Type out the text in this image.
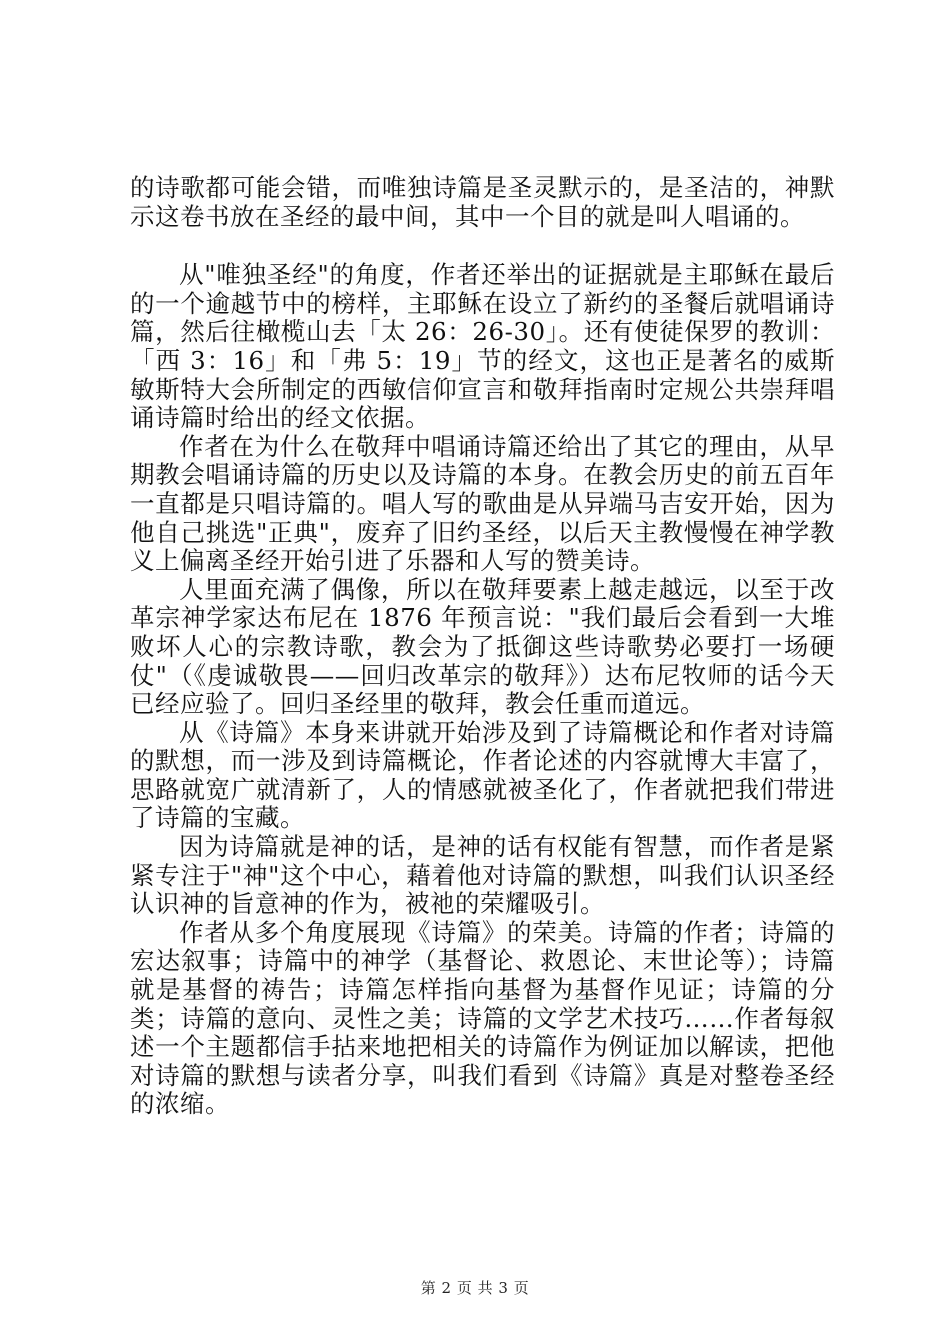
的诗歌都可能会错，而唯独诗篇是圣灵默示的，是圣洁的，神默示这卷书放在圣经的最中间，其中一个目的就是叫人唱诵的。

从"唯独圣经"的角度，作者还举出的证据就是主耶稣在最后的一个逾越节中的榜样，主耶稣在设立了新约的圣餐后就唱诵诗篇，然后往橄榄山去「太 26：26-30」。还有使徒保罗的教训：「西 3：16」和「弗 5：19」节的经文，这也正是著名的威斯敏斯特大会所制定的西敏信仰宣言和敬拜指南时定规公共崇拜唱诵诗篇时给出的经文依据。

作者在为什么在敬拜中唱诵诗篇还给出了其它的理由，从早期教会唱诵诗篇的历史以及诗篇的本身。在教会历史的前五百年一直都是只唱诗篇的。唱人写的歌曲是从异端马吉安开始，因为他自己挑选"正典"，废弃了旧约圣经，以后天主教慢慢在神学教义上偏离圣经开始引进了乐器和人写的赞美诗。

人里面充满了偶像，所以在敬拜要素上越走越远，以至于改革宗神学家达布尼在 1876 年预言说："我们最后会看到一大堆败坏人心的宗教诗歌，教会为了抵御这些诗歌势必要打一场硬仗"（《虔诚敬畏——回归改革宗的敬拜》）达布尼牧师的话今天已经应验了。回归圣经里的敬拜，教会任重而道远。

从《诗篇》本身来讲就开始涉及到了诗篇概论和作者对诗篇的默想，而一涉及到诗篇概论，作者论述的内容就博大丰富了，思路就宽广就清新了，人的情感就被圣化了，作者就把我们带进了诗篇的宝藏。

因为诗篇就是神的话，是神的话有权能有智慧，而作者是紧紧专注于"神"这个中心，藉着他对诗篇的默想，叫我们认识圣经认识神的旨意神的作为，被祂的荣耀吸引。

作者从多个角度展现《诗篇》的荣美。诗篇的作者；诗篇的宏达叙事；诗篇中的神学（基督论、救恩论、末世论等）；诗篇就是基督的祷告；诗篇怎样指向基督为基督作见证；诗篇的分类；诗篇的意向、灵性之美；诗篇的文学艺术技巧……作者每叙述一个主题都信手拈来地把相关的诗篇作为例证加以解读，把他对诗篇的默想与读者分享，叫我们看到《诗篇》真是对整卷圣经的浓缩。

第 2 页 共 3 页
